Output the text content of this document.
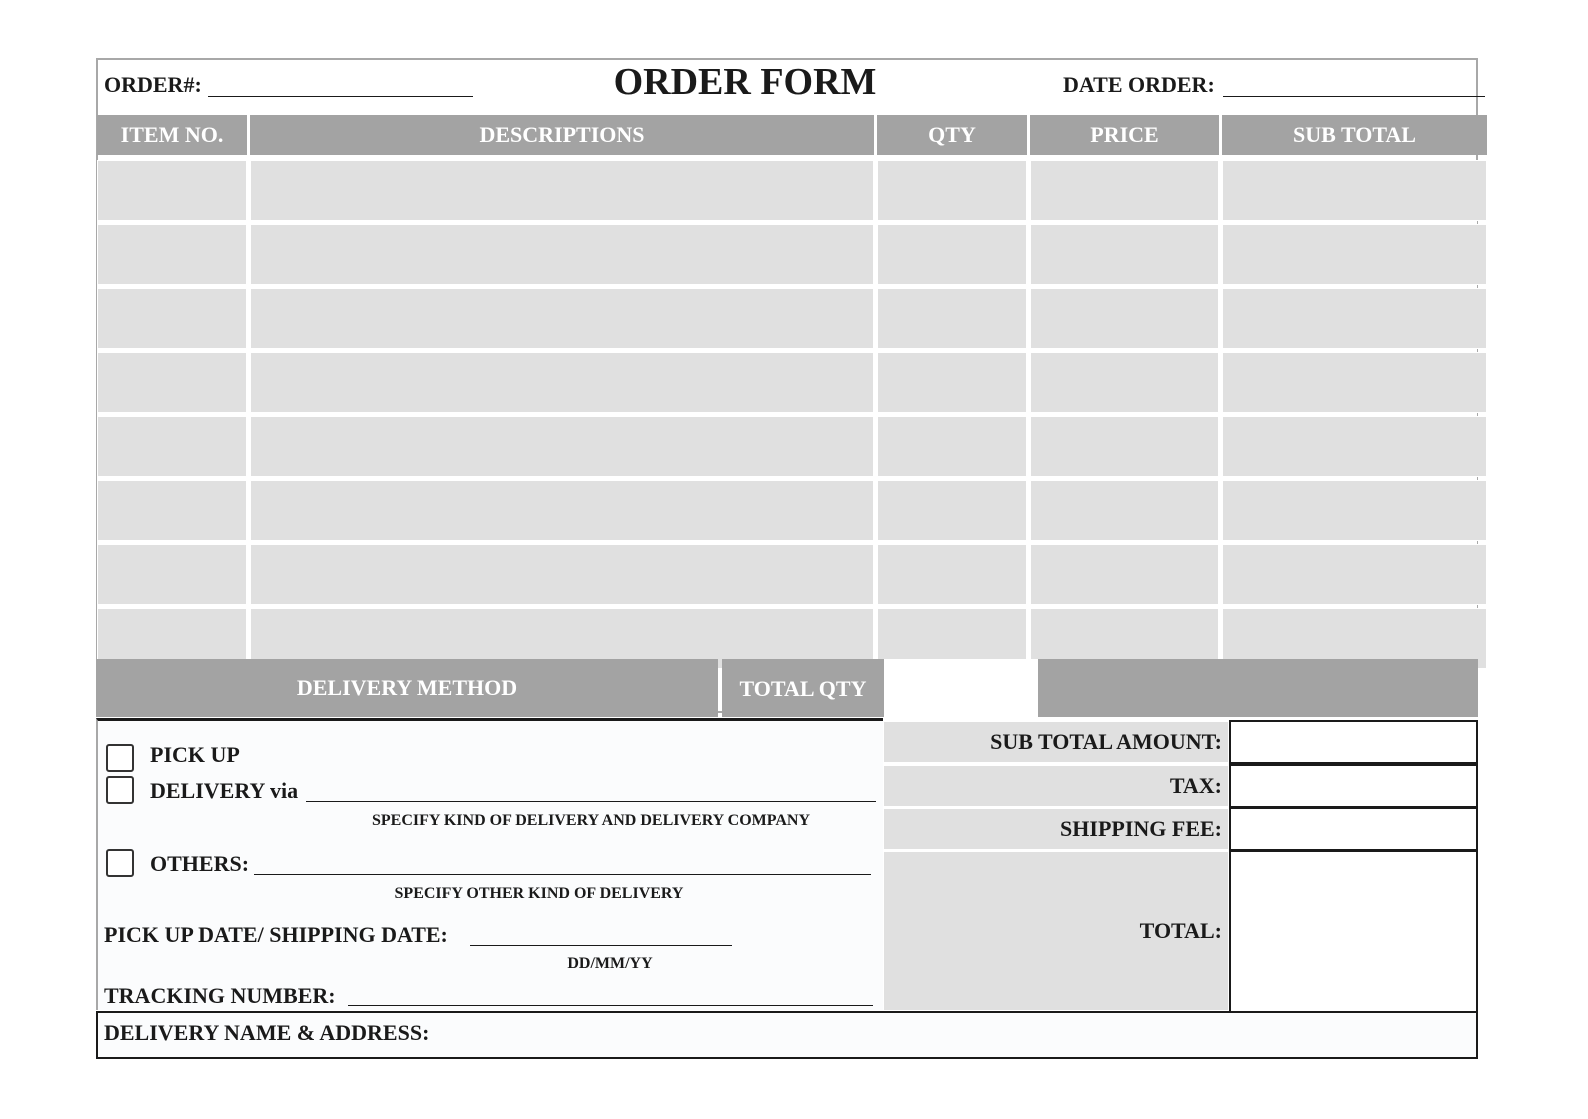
ORDER#:	ORDER FORM	DATE ORDER:
ITEM NO.	DESCRIPTIONS	QTY	PRICE	SUB TOTAL
DELIVERY METHOD	TOTAL QTY
PICK UP
DELIVERY via
SPECIFY KIND OF DELIVERY AND DELIVERY COMPANY
OTHERS:
SPECIFY OTHER KIND OF DELIVERY
PICK UP DATE/ SHIPPING DATE:
DD/MM/YY
TRACKING NUMBER:
SUB TOTAL AMOUNT:
TAX:
SHIPPING FEE:
TOTAL:
DELIVERY NAME & ADDRESS:
